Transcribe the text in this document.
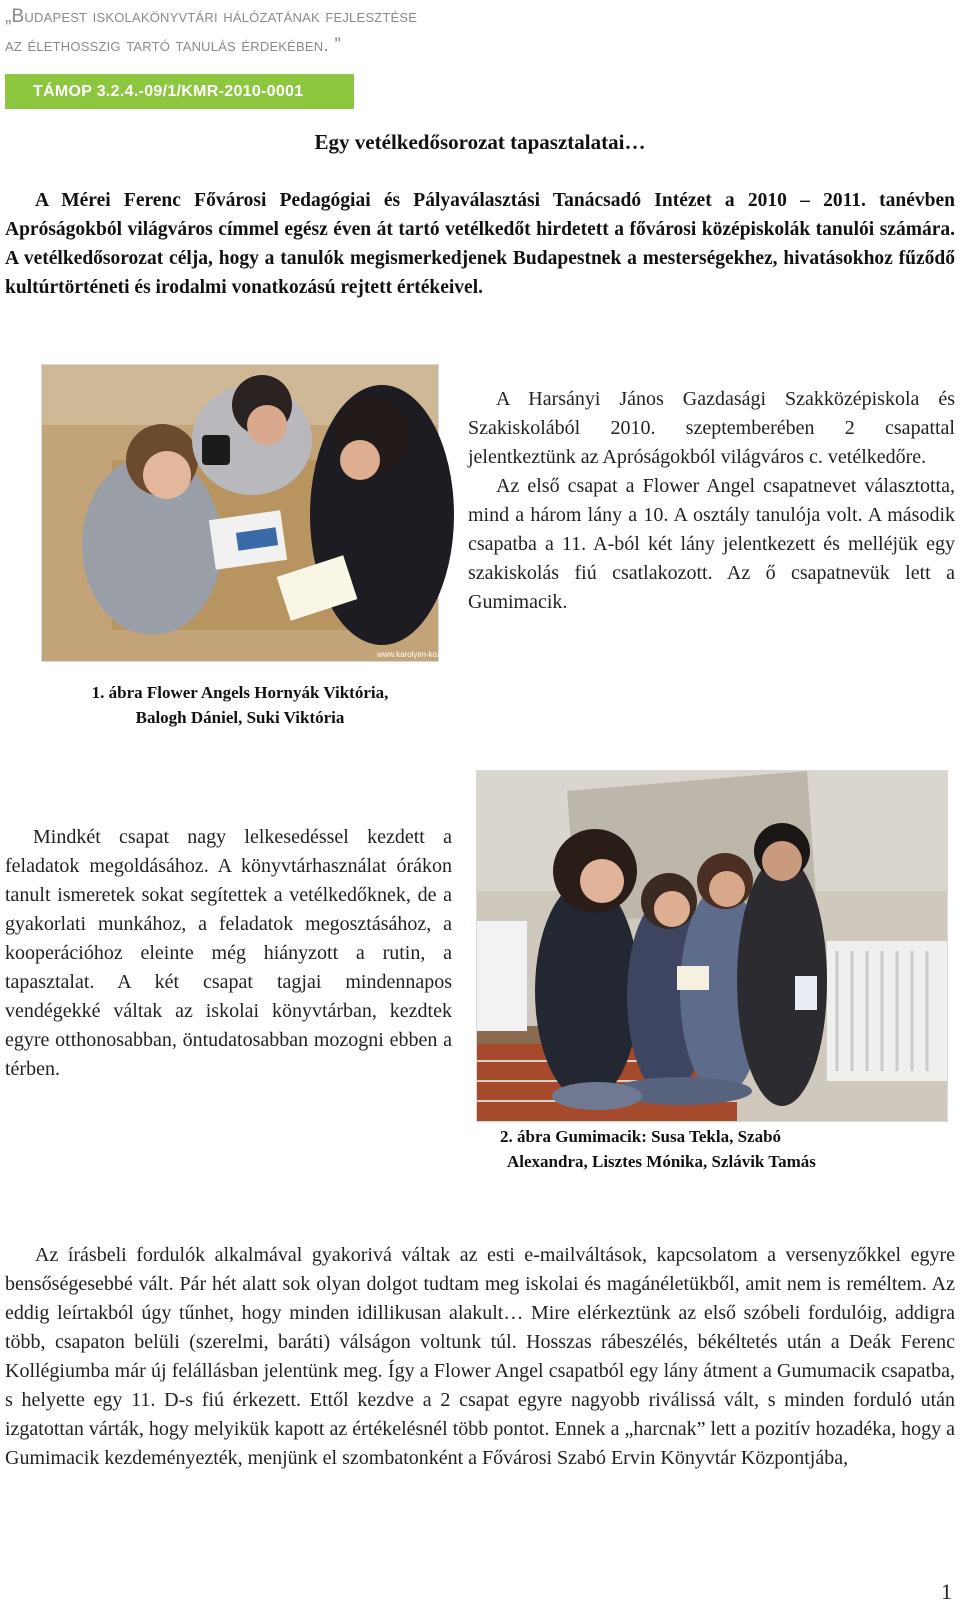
„Budapest iskolakönyvtári hálózatának fejlesztése
az élethosszig tartó tanulás érdekében. ”
TÁMOP 3.2.4.-09/1/KMR-2010-0001
Egy vetélkedősorozat tapasztalatai…

A Mérei Ferenc Fővárosi Pedagógiai és Pályaválasztási Tanácsadó Intézet a 2010 – 2011. tanévben Apróságokból világváros címmel egész éven át tartó vetélkedőt hirdetett a fővárosi középiskolák tanulói számára. A vetélkedősorozat célja, hogy a tanulók megismerkedjenek Budapestnek a mesterségekhez, hivatásokhoz fűződő kultúrtörténeti és irodalmi vonatkozású rejtett értékeivel.

www.karolyim-kozgazd.eu/net
1. ábra Flower Angels Hornyák Viktória,
Balogh Dániel, Suki Viktória

A Harsányi János Gazdasági Szakközépiskola és Szakiskolából 2010. szeptemberében 2 csapattal jelentkeztünk az Apróságokból világváros c. vetélkedőre.

Az első csapat a Flower Angel csapatnevet választotta, mind a három lány a 10. A osztály tanulója volt. A második csapatba a 11. A-ból két lány jelentkezett és melléjük egy szakiskolás fiú csatlakozott. Az ő csapatnevük lett a Gumimacik.

2. ábra Gumimacik: Susa Tekla, Szabó
Alexandra, Lisztes Mónika, Szlávik Tamás

Mindkét csapat nagy lelkesedéssel kezdett a feladatok megoldásához. A könyvtárhasználat órákon tanult ismeretek sokat segítettek a vetélkedőknek, de a gyakorlati munkához, a feladatok megosztásához, a kooperációhoz eleinte még hiányzott a rutin, a tapasztalat. A két csapat tagjai mindennapos vendégekké váltak az iskolai könyvtárban, kezdtek egyre otthonosabban, öntudatosabban mozogni ebben a térben.

Az írásbeli fordulók alkalmával gyakorivá váltak az esti e-mailváltások, kapcsolatom a versenyzőkkel egyre bensőségesebbé vált. Pár hét alatt sok olyan dolgot tudtam meg iskolai és magánéletükből, amit nem is reméltem. Az eddig leírtakból úgy tűnhet, hogy minden idillikusan alakult… Mire elérkeztünk az első szóbeli fordulóig, addigra több, csapaton belüli (szerelmi, baráti) válságon voltunk túl. Hosszas rábeszélés, békéltetés után a Deák Ferenc Kollégiumba már új felállásban jelentünk meg. Így a Flower Angel csapatból egy lány átment a Gumumacik csapatba, s helyette egy 11. D-s fiú érkezett. Ettől kezdve a 2 csapat egyre nagyobb riválissá vált, s minden forduló után izgatottan várták, hogy melyikük kapott az értékelésnél több pontot. Ennek a „harcnak” lett a pozitív hozadéka, hogy a Gumimacik kezdeményezték, menjünk el szombatonként a Fővárosi Szabó Ervin Könyvtár Központjába,

1
